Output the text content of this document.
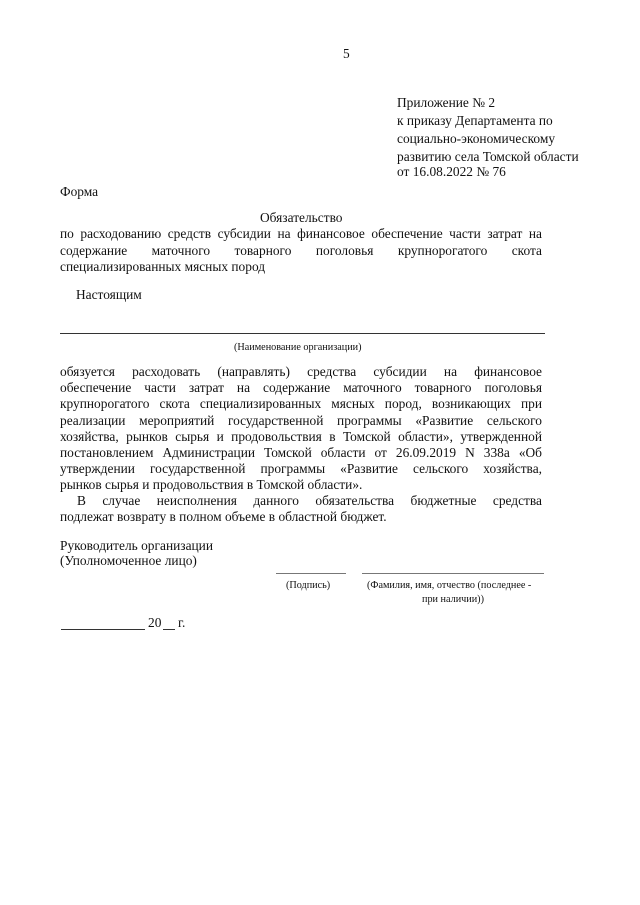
5
Приложение № 2
к приказу Департамента по
социально-экономическому
развитию села Томской области
от 16.08.2022 № 76
Форма
Обязательство
по расходованию средств субсидии на финансовое обеспечение части затрат на
содержание маточного товарного поголовья крупнорогатого скота
специализированных мясных пород
Настоящим
(Наименование организации)
обязуется расходовать (направлять) средства субсидии на финансовое
обеспечение части затрат на содержание маточного товарного поголовья
крупнорогатого скота специализированных мясных пород, возникающих при
реализации мероприятий государственной программы «Развитие сельского
хозяйства, рынков сырья и продовольствия в Томской области», утвержденной
постановлением Администрации Томской области от 26.09.2019 N 338а «Об
утверждении государственной программы «Развитие сельского хозяйства,
рынков сырья и продовольствия в Томской области».
В случае неисполнения данного обязательства бюджетные средства
подлежат возврату в полном объеме в областной бюджет.
Руководитель организации
(Уполномоченное лицо)
(Подпись)	(Фамилия, имя, отчество (последнее -
при наличии))
20 г.
